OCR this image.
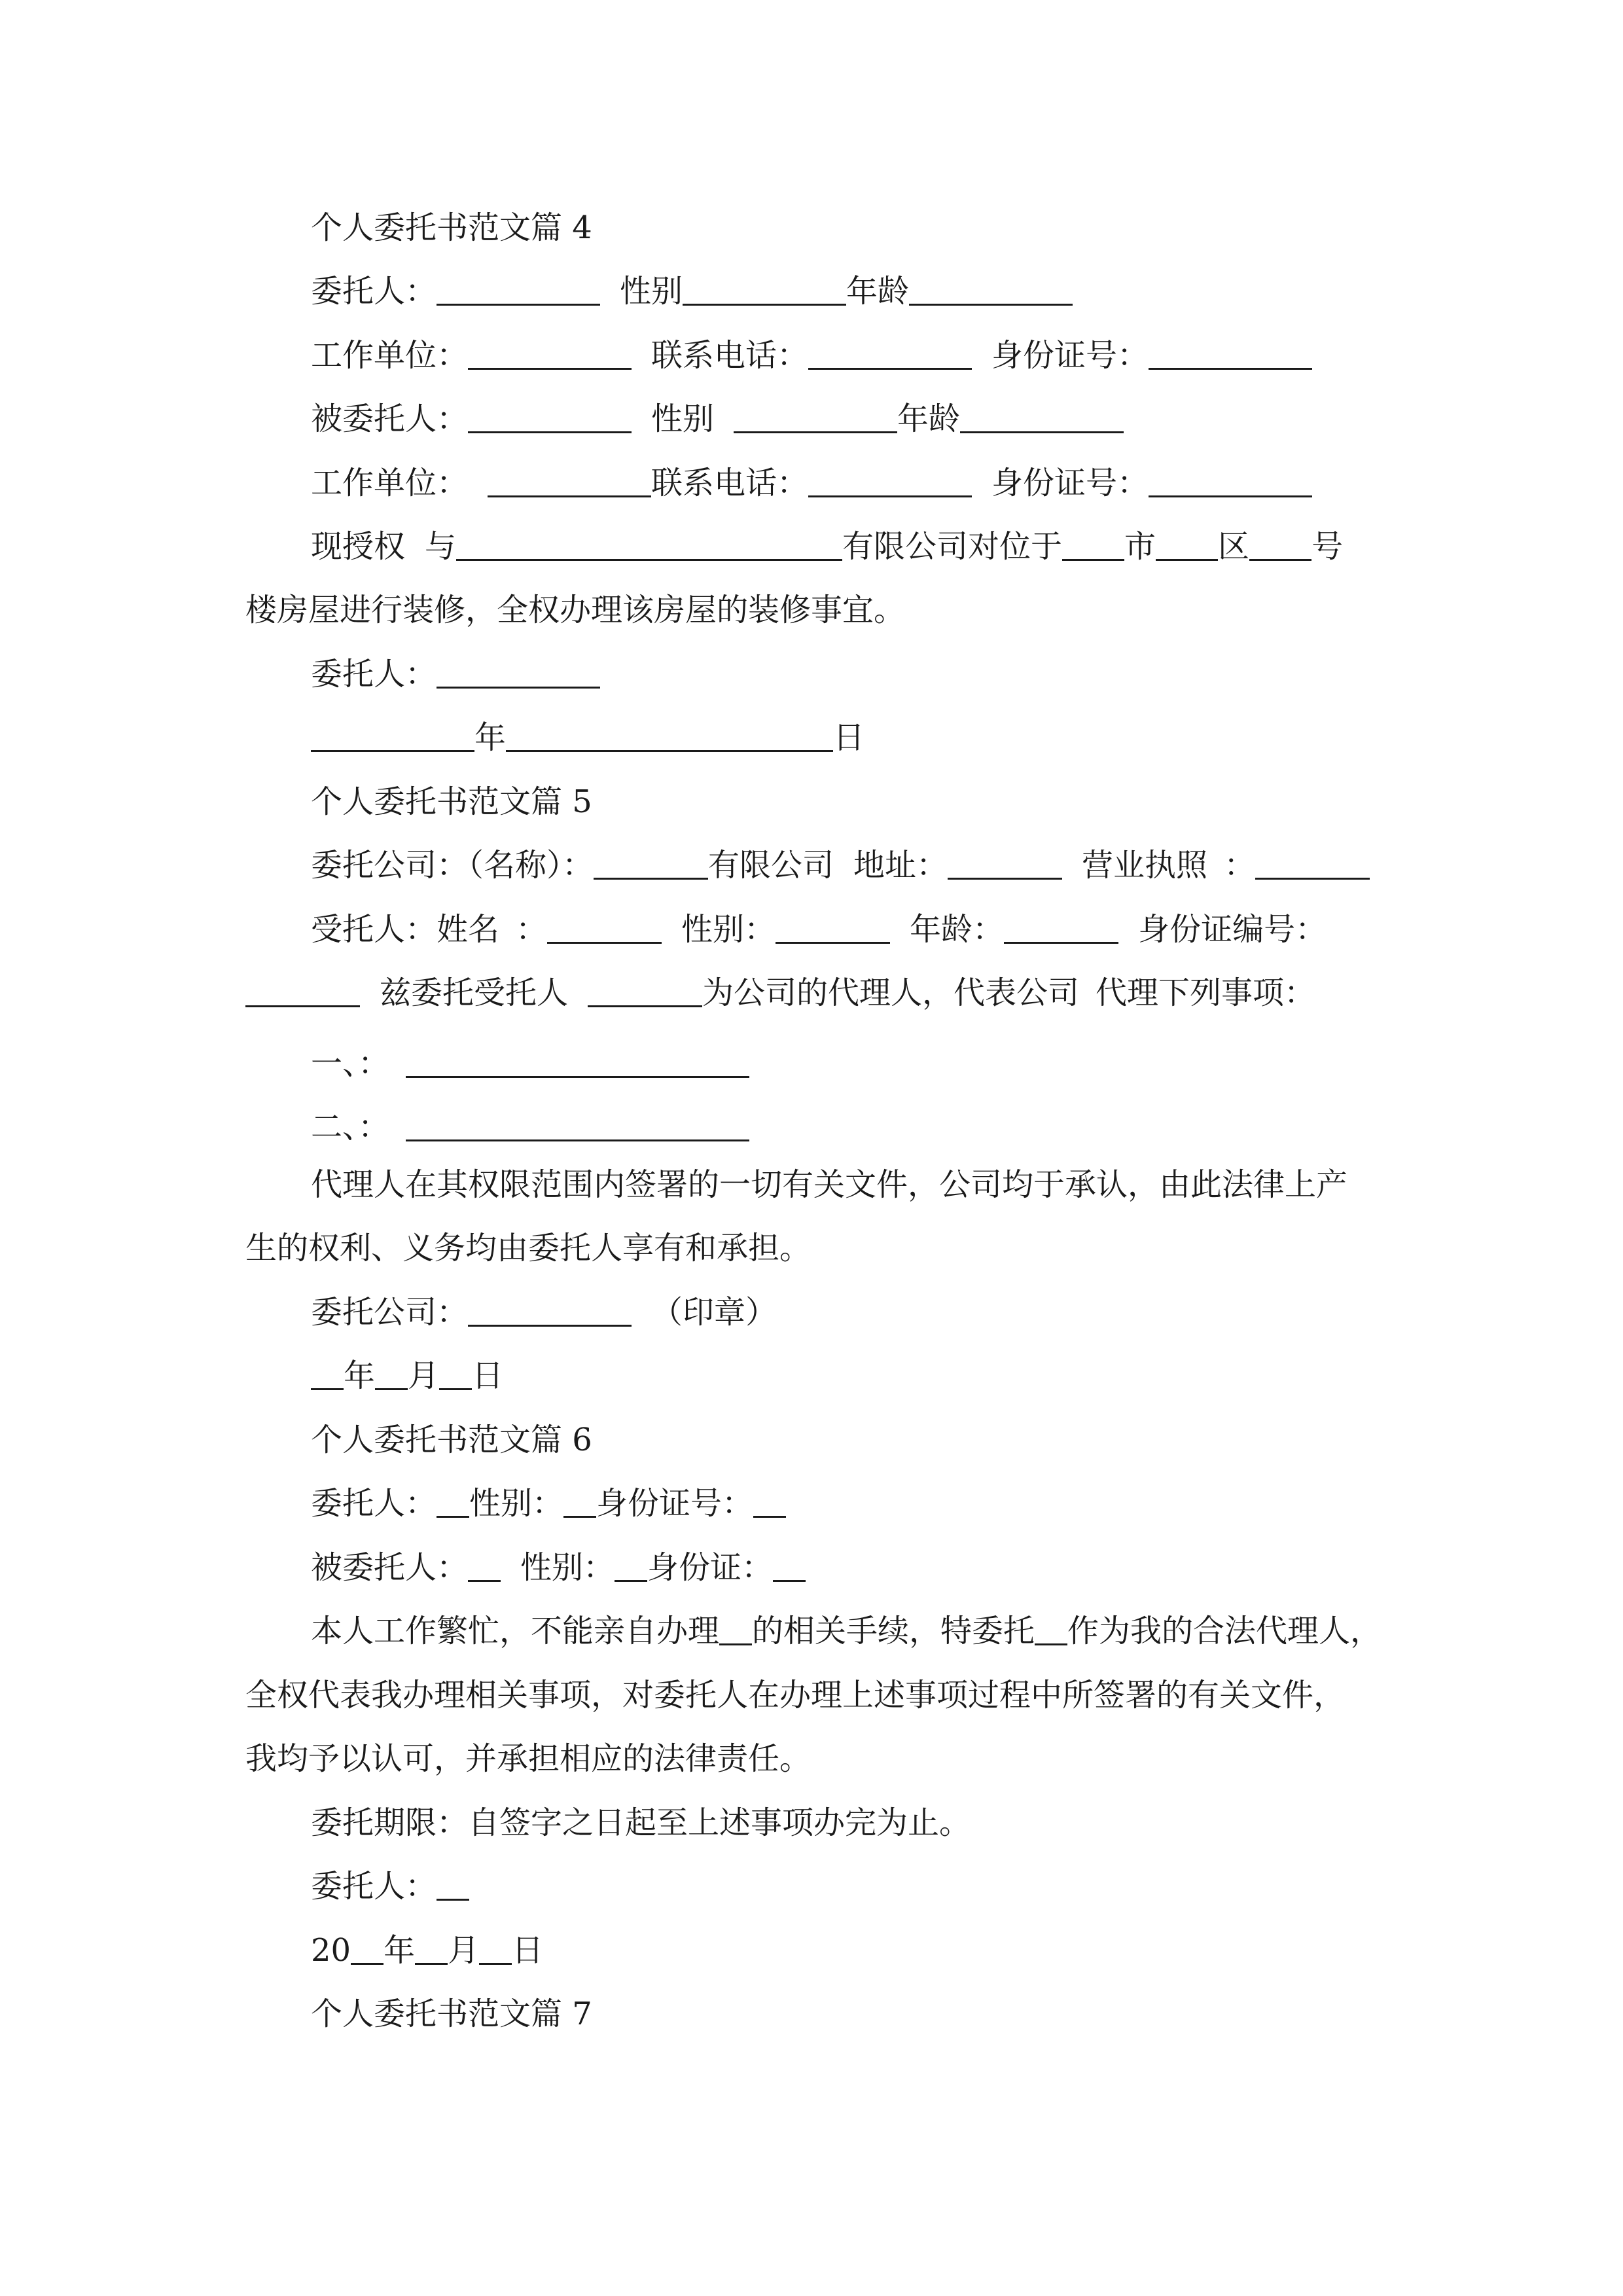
个人委托书范文篇 4
委托人：	性别	年龄
工作单位：	联系电话：	身份证号：
被委托人：	性别	年龄
工作单位：	联系电话：	身份证号：
现授权 与	有限公司对位于 市 区 号
楼房屋进行装修，全权办理该房屋的装修事宜。
委托人：
年	日
个人委托书范文篇 5
委托公司：（名称）：	有限公司 地址：	营业执照 ：
受托人：姓名 ：	性别：	年龄：	身份证编号：
兹委托受托人	为公司的代理人，代表公司 代理下列事项：
一、：
二、：
代理人在其权限范围内签署的一切有关文件，公司均于承认，由此法律上产
生的权利、义务均由委托人享有和承担。
委托公司：	（印章）
年 月 日
个人委托书范文篇 6
委托人： 性别： 身份证号：
被委托人： 性别： 身份证：
本人工作繁忙，不能亲自办理 的相关手续，特委托 作为我的合法代理人，
全权代表我办理相关事项，对委托人在办理上述事项过程中所签署的有关文件，
我均予以认可，并承担相应的法律责任。
委托期限：自签字之日起至上述事项办完为止。
委托人：
20 年 月 日
个人委托书范文篇 7
